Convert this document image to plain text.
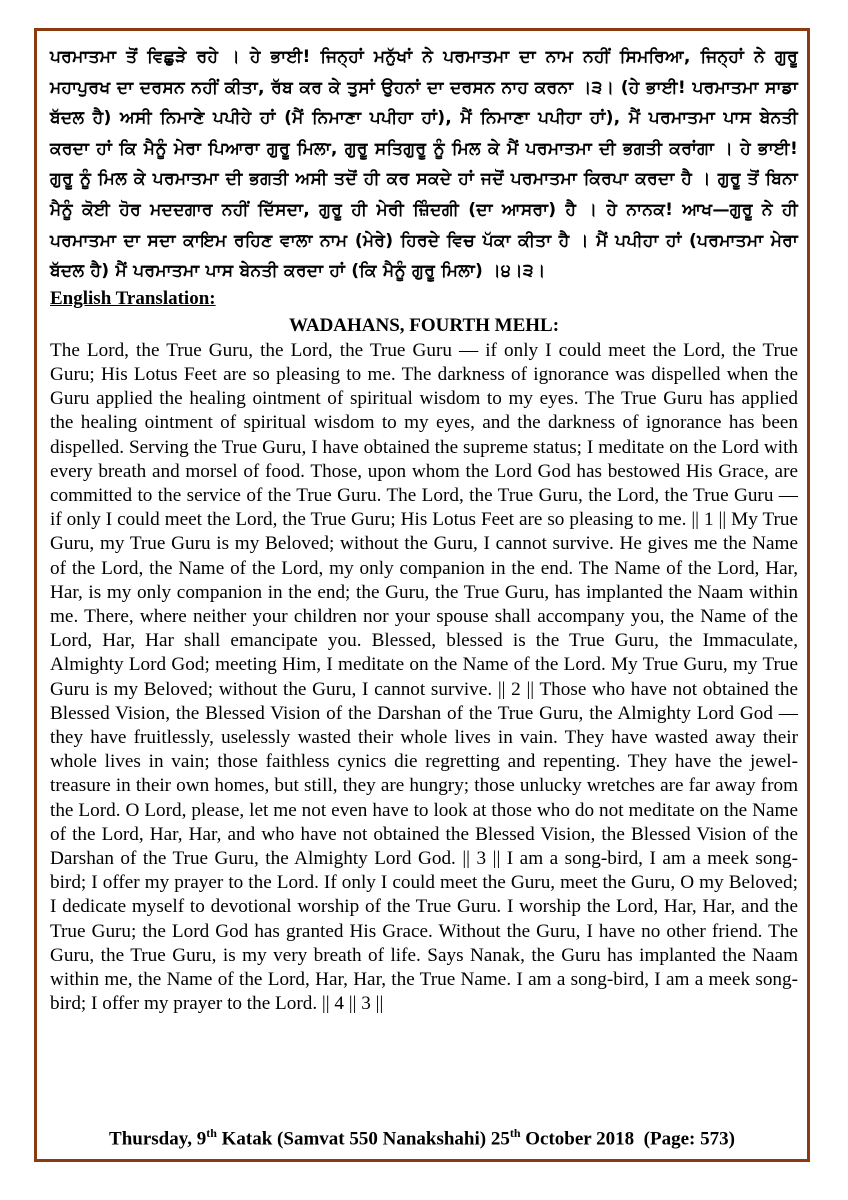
ਪਰਮਾਤਮਾ ਤੋਂ ਵਿਛੁੜੇ ਰਹੇ । ਹੇ ਭਾਈ! ਜਿਨ੍ਹਾਂ ਮਨੁੱਖਾਂ ਨੇ ਪਰਮਾਤਮਾ ਦਾ ਨਾਮ ਨਹੀਂ ਸਿਮਰਿਆ, ਜਿਨ੍ਹਾਂ ਨੇ ਗੁਰੂ ਮਹਾਪੁਰਖ ਦਾ ਦਰਸਨ ਨਹੀਂ ਕੀਤਾ, ਰੱਬ ਕਰ ਕੇ ਤੁਸਾਂ ਉਹਨਾਂ ਦਾ ਦਰਸਨ ਨਾਹ ਕਰਨਾ ।੩। (ਹੇ ਭਾਈ! ਪਰਮਾਤਮਾ ਸਾਡਾ ਬੱਦਲ ਹੈ) ਅਸੀ ਨਿਮਾਣੇ ਪਪੀਹੇ ਹਾਂ (ਮੈਂ ਨਿਮਾਣਾ ਪਪੀਹਾ ਹਾਂ), ਮੈਂ ਨਿਮਾਣਾ ਪਪੀਹਾ ਹਾਂ), ਮੈਂ ਪਰਮਾਤਮਾ ਪਾਸ ਬੇਨਤੀ ਕਰਦਾ ਹਾਂ ਕਿ ਮੈਨੂੰ ਮੇਰਾ ਪਿਆਰਾ ਗੁਰੂ ਮਿਲਾ, ਗੁਰੂ ਸਤਿਗੁਰੂ ਨੂੰ ਮਿਲ ਕੇ ਮੈਂ ਪਰਮਾਤਮਾ ਦੀ ਭਗਤੀ ਕਰਾਂਗਾ । ਹੇ ਭਾਈ! ਗੁਰੂ ਨੂੰ ਮਿਲ ਕੇ ਪਰਮਾਤਮਾ ਦੀ ਭਗਤੀ ਅਸੀ ਤਦੋਂ ਹੀ ਕਰ ਸਕਦੇ ਹਾਂ ਜਦੋਂ ਪਰਮਾਤਮਾ ਕਿਰਪਾ ਕਰਦਾ ਹੈ । ਗੁਰੂ ਤੋਂ ਬਿਨਾ ਮੈਨੂੰ ਕੋਈ ਹੋਰ ਮਦਦਗਾਰ ਨਹੀਂ ਦਿੱਸਦਾ, ਗੁਰੂ ਹੀ ਮੇਰੀ ਜ਼ਿੰਦਗੀ (ਦਾ ਆਸਰਾ) ਹੈ । ਹੇ ਨਾਨਕ! ਆਖ—ਗੁਰੂ ਨੇ ਹੀ ਪਰਮਾਤਮਾ ਦਾ ਸਦਾ ਕਾਇਮ ਰਹਿਣ ਵਾਲਾ ਨਾਮ (ਮੇਰੇ) ਹਿਰਦੇ ਵਿਚ ਪੱਕਾ ਕੀਤਾ ਹੈ । ਮੈਂ ਪਪੀਹਾ ਹਾਂ (ਪਰਮਾਤਮਾ ਮੇਰਾ ਬੱਦਲ ਹੈ) ਮੈਂ ਪਰਮਾਤਮਾ ਪਾਸ ਬੇਨਤੀ ਕਰਦਾ ਹਾਂ (ਕਿ ਮੈਨੂੰ ਗੁਰੂ ਮਿਲਾ) ।੪।੩।

English Translation:

WADAHANS, FOURTH MEHL:

The Lord, the True Guru, the Lord, the True Guru — if only I could meet the Lord, the True Guru; His Lotus Feet are so pleasing to me. The darkness of ignorance was dispelled when the Guru applied the healing ointment of spiritual wisdom to my eyes. The True Guru has applied the healing ointment of spiritual wisdom to my eyes, and the darkness of ignorance has been dispelled. Serving the True Guru, I have obtained the supreme status; I meditate on the Lord with every breath and morsel of food. Those, upon whom the Lord God has bestowed His Grace, are committed to the service of the True Guru. The Lord, the True Guru, the Lord, the True Guru — if only I could meet the Lord, the True Guru; His Lotus Feet are so pleasing to me. || 1 || My True Guru, my True Guru is my Beloved; without the Guru, I cannot survive. He gives me the Name of the Lord, the Name of the Lord, my only companion in the end. The Name of the Lord, Har, Har, is my only companion in the end; the Guru, the True Guru, has implanted the Naam within me. There, where neither your children nor your spouse shall accompany you, the Name of the Lord, Har, Har shall emancipate you. Blessed, blessed is the True Guru, the Immaculate, Almighty Lord God; meeting Him, I meditate on the Name of the Lord. My True Guru, my True Guru is my Beloved; without the Guru, I cannot survive. || 2 || Those who have not obtained the Blessed Vision, the Blessed Vision of the Darshan of the True Guru, the Almighty Lord God — they have fruitlessly, uselessly wasted their whole lives in vain. They have wasted away their whole lives in vain; those faithless cynics die regretting and repenting. They have the jewel-treasure in their own homes, but still, they are hungry; those unlucky wretches are far away from the Lord. O Lord, please, let me not even have to look at those who do not meditate on the Name of the Lord, Har, Har, and who have not obtained the Blessed Vision, the Blessed Vision of the Darshan of the True Guru, the Almighty Lord God. || 3 || I am a song-bird, I am a meek song-bird; I offer my prayer to the Lord. If only I could meet the Guru, meet the Guru, O my Beloved; I dedicate myself to devotional worship of the True Guru. I worship the Lord, Har, Har, and the True Guru; the Lord God has granted His Grace. Without the Guru, I have no other friend. The Guru, the True Guru, is my very breath of life. Says Nanak, the Guru has implanted the Naam within me, the Name of the Lord, Har, Har, the True Name. I am a song-bird, I am a meek song-bird; I offer my prayer to the Lord. || 4 || 3 ||

Thursday, 9th Katak (Samvat 550 Nanakshahi) 25th October 2018 (Page: 573)
